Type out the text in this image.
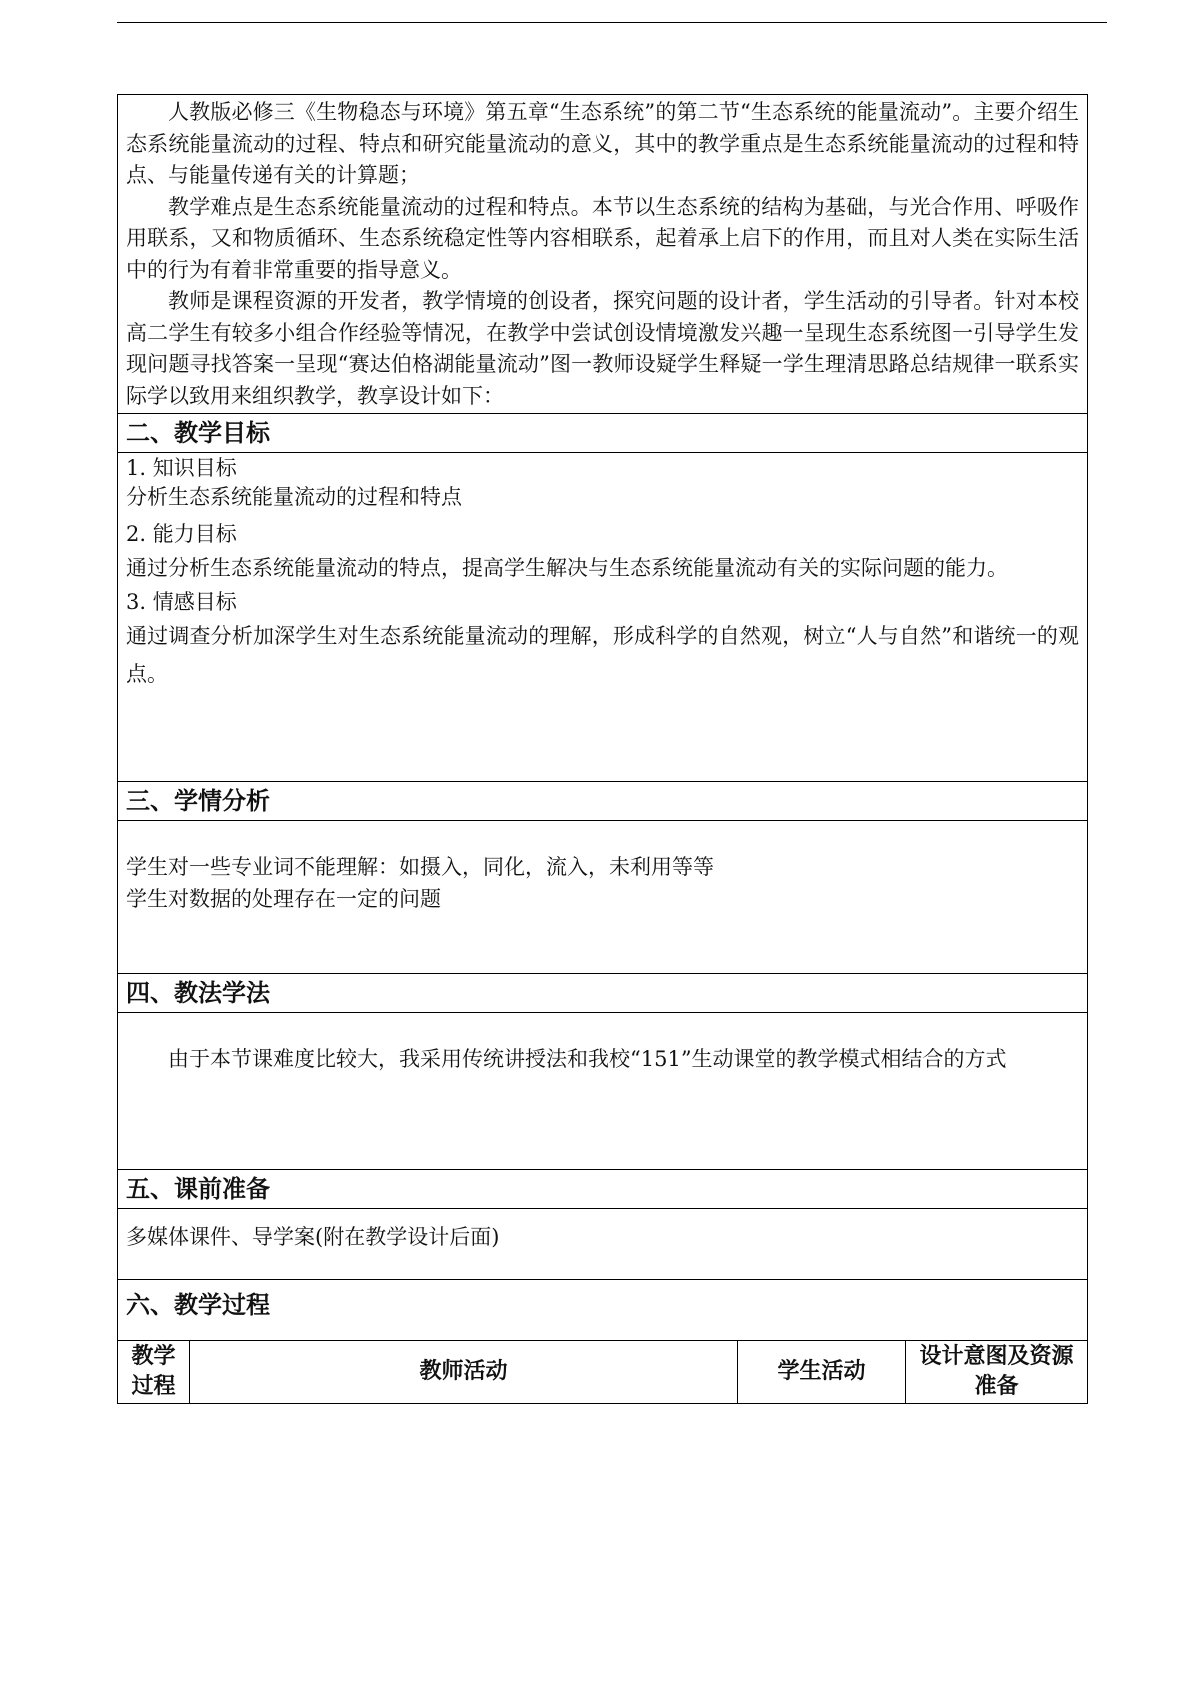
人教版必修三《生物稳态与环境》第五章“生态系统”的第二节“生态系统的能量流动”。主要介绍生态系统能量流动的过程、特点和研究能量流动的意义，其中的教学重点是生态系统能量流动的过程和特点、与能量传递有关的计算题；

教学难点是生态系统能量流动的过程和特点。本节以生态系统的结构为基础，与光合作用、呼吸作用联系，又和物质循环、生态系统稳定性等内容相联系，起着承上启下的作用，而且对人类在实际生活中的行为有着非常重要的指导意义。

教师是课程资源的开发者，教学情境的创设者，探究问题的设计者，学生活动的引导者。针对本校高二学生有较多小组合作经验等情况，在教学中尝试创设情境激发兴趣一呈现生态系统图一引导学生发现问题寻找答案一呈现“赛达伯格湖能量流动”图一教师设疑学生释疑一学生理清思路总结规律一联系实际学以致用来组织教学，教享设计如下：

二、教学目标

1. 知识目标

分析生态系统能量流动的过程和特点

2. 能力目标

通过分析生态系统能量流动的特点，提高学生解决与生态系统能量流动有关的实际问题的能力。

3. 情感目标

通过调查分析加深学生对生态系统能量流动的理解，形成科学的自然观，树立“人与自然”和谐统一的观点。

三、学情分析

学生对一些专业词不能理解：如摄入，同化，流入，未利用等等

学生对数据的处理存在一定的问题

四、教法学法

由于本节课难度比较大，我采用传统讲授法和我校“151”生动课堂的教学模式相结合的方式

五、课前准备
多媒体课件、导学案(附在教学设计后面)
六、教学过程
教学过程	教师活动	学生活动	设计意图及资源准备
